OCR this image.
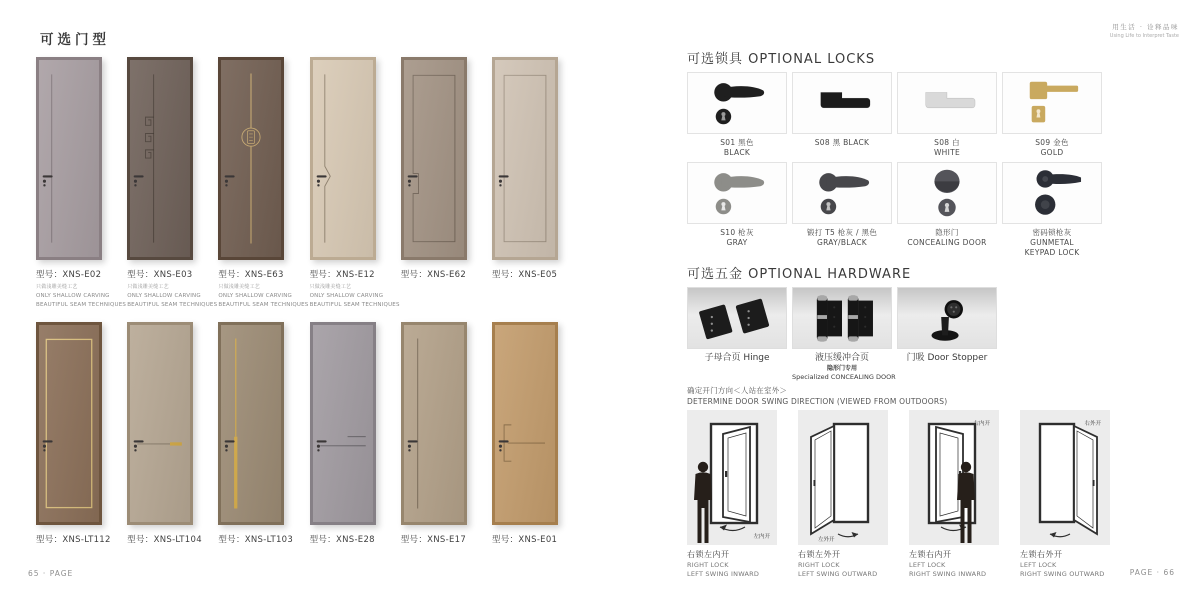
可选门型
型号：XNS-E02
只做浅雕美缝工艺
ONLY SHALLOW CARVING
BEAUTIFUL SEAM TECHNIQUES
型号：XNS-E03
只做浅雕美缝工艺
ONLY SHALLOW CARVING
BEAUTIFUL SEAM TECHNIQUES
型号：XNS-E63
只做浅雕美缝工艺
ONLY SHALLOW CARVING
BEAUTIFUL SEAM TECHNIQUES
型号：XNS-E12
只做浅雕美缝工艺
ONLY SHALLOW CARVING
BEAUTIFUL SEAM TECHNIQUES
型号：XNS-E62	型号：XNS-E05
型号：XNS-LT112 型号：XNS-LT104 型号：XNS-LT103 型号：XNS-E28	型号：XNS-E17	型号：XNS-E01
65 · PAGE
用生活 · 诠释品味
Using Life to Interpret Taste
可选锁具 OPTIONAL LOCKS
S01 黑色
BLACK
S08 黑 BLACK	S08 白
WHITE
S09 金色
GOLD
S10 枪灰
GRAY
锻打 T5 枪灰 / 黑色
GRAY/BLACK
隐形门
CONCEALING DOOR
密码锁枪灰
GUNMETAL
KEYPAD LOCK
可选五金 OPTIONAL HARDWARE
子母合页 Hinge	液压缓冲合页
隐形门专用
Specialized CONCEALING DOOR
门吸 Door Stopper
确定开门方向＜人站在室外＞
DETERMINE DOOR SWING DIRECTION (VIEWED FROM OUTDOORS)
左内开
右锁左内开
RIGHT LOCK
LEFT SWING INWARD
左外开
右锁左外开
RIGHT LOCK
LEFT SWING OUTWARD
右内开
左锁右内开
LEFT LOCK
RIGHT SWING INWARD
右外开
左锁右外开
LEFT LOCK
RIGHT SWING OUTWARD	PAGE · 66
